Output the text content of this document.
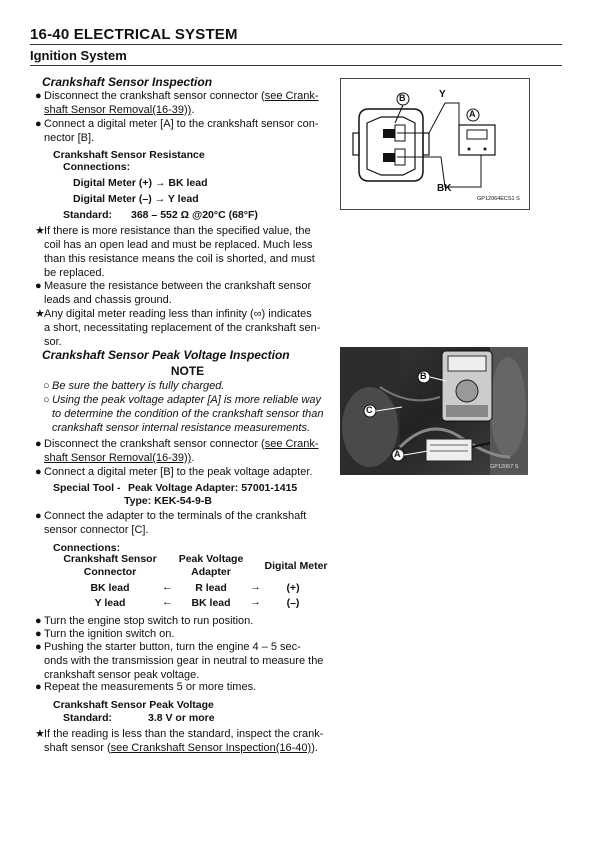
16-40 ELECTRICAL SYSTEM
Ignition System
Crankshaft Sensor Inspection
● Disconnect the crankshaft sensor connector (see Crank-
shaft Sensor Removal(16-39)).
● Connect a digital meter [A] to the crankshaft sensor con-
nector [B].
Crankshaft Sensor Resistance
Connections:
Digital Meter (+) → BK lead
Digital Meter (–) → Y lead
Standard: 368 – 552 Ω @20°C (68°F)
★ If there is more resistance than the specified value, the
coil has an open lead and must be replaced. Much less
than this resistance means the coil is shorted, and must
be replaced.
● Measure the resistance between the crankshaft sensor
leads and chassis ground.
★ Any digital meter reading less than infinity (∞) indicates
a short, necessitating replacement of the crankshaft sen-
sor.
B	Y
A
BK
GP12064ECS1 S
Crankshaft Sensor Peak Voltage Inspection
NOTE
○ Be sure the battery is fully charged.
○ Using the peak voltage adapter [A] is more reliable way
to determine the condition of the crankshaft sensor than
crankshaft sensor internal resistance measurements.
● Disconnect the crankshaft sensor connector (see Crank-
shaft Sensor Removal(16-39)).
● Connect a digital meter [B] to the peak voltage adapter.
Special Tool - Peak Voltage Adapter: 57001-1415
Type: KEK-54-9-B
● Connect the adapter to the terminals of the crankshaft
sensor connector [C].
Connections:
Crankshaft Sensor
Connector
Peak Voltage
Adapter	Digital Meter
BK lead	←	R lead	→	(+)
Y lead	←	BK lead	→	(–)
● Turn the engine stop switch to run position.
● Turn the ignition switch on.
● Pushing the starter button, turn the engine 4 – 5 sec-
onds with the transmission gear in neutral to measure the
crankshaft sensor peak voltage.
● Repeat the measurements 5 or more times.
Crankshaft Sensor Peak Voltage
Standard:	3.8 V or more
★ If the reading is less than the standard, inspect the crank-
shaft sensor (see Crankshaft Sensor Inspection(16-40)).
B
C
A
GP12067 S
